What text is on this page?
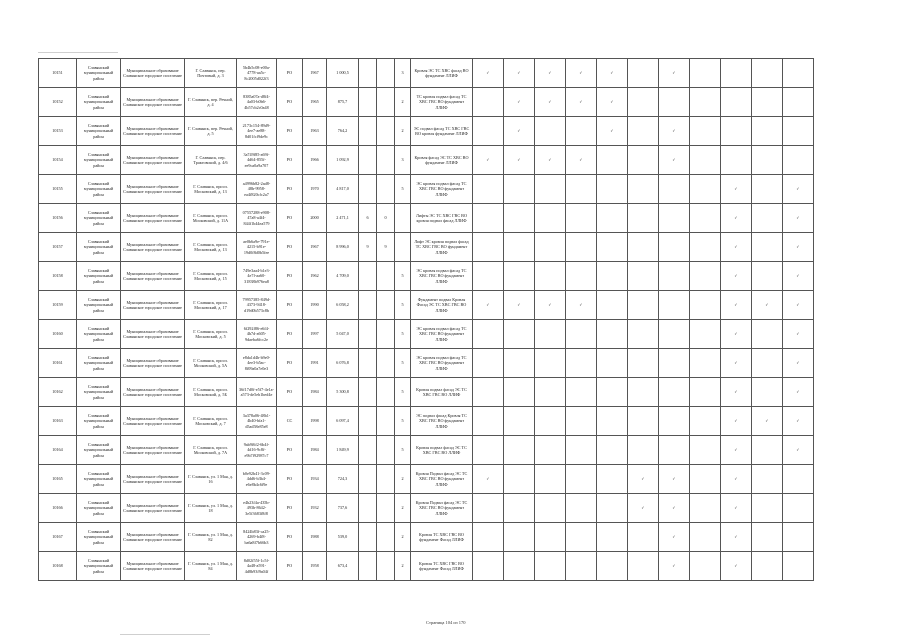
10151	Славянский муниципальный район	Муниципальное образование Славянское городское поселение	Г. Славянск, пер. Почтовый, д. 3	5b4b5c08-e00a-4778-aa5c-8c2005d022f3	РО	1967	1 000,5			3	Кровля ЭС ТС ХВС фасад ВО фундамент ЛЛИФ	✓	✓	✓	✓	✓		✓				
10152	Славянский муниципальный район	Муниципальное образование Славянское городское поселение	Г. Славянск, пер. Речной, д. 4	8385a07a-d8f4-4a03-b0b6-4b57cb2c0a48	РО	1965	875,7			2	ТС кровля подвал фасад ТС ХВС ГВС ВО фундамент ЛЛИФ		✓	✓	✓	✓						
10153	Славянский муниципальный район	Муниципальное образование Славянское городское поселение	Г. Славянск, пер. Речной, д. 5	2173c154-89d9-4ee7-ae88-8d01fcf9de9c	РО	1963	764,2			2	ЭС подвал фасад ТС ХВС ГВС ВО кровля фундамент ЛЛИФ		✓			✓		✓				
10154	Славянский муниципальный район	Муниципальное образование Славянское городское поселение	Г. Славянск, пер. Трактовский, д. 4/6	3a749f85-a69f-4d64-855f-ee9ca0a9a707	РО	1966	1 092,9			3	Кровля фасад ЭС ТС ХВС ВО фундамент ЛЛИФ	✓	✓	✓	✓			✓				
10155	Славянский муниципальный район	Муниципальное образование Славянское городское поселение	Г. Славянск, просп. Московский, д. 13	a4996b82-2ad8-48b-9958-ea4f820cfc2a7	РО	1970	4 817,0			5	ЭС кровля подвал фасад ТС ХВС ГВС ВО фундамент ЛЛИФ									✓		✓
10156	Славянский муниципальный район	Муниципальное образование Славянское городское поселение	Г. Славянск, просп. Московский, д. 11А	07557288-e908-47a8-a4f4-844f1b44ea579	РО	2000	2 471,1	6	0		Лифты ЭС ТС ХВС ГВС ВО кровля подвал фасад ЛЛИФ									✓		✓
10157	Славянский муниципальный район	Муниципальное образование Славянское городское поселение	Г. Славянск, просп. Московский, д. 13	ae0b6a9e-791e-4215-b91e-19d0f8d0b5fee	РО	1967	8 996,0	9	9		Лифт ЭС кровля подвал фасад ТС ХВС ГВС ВО фундамент ЛЛИФ									✓		✓
10158	Славянский муниципальный район	Муниципальное образование Славянское городское поселение	Г. Славянск, просп. Московский, д. 15	749e3aa4-b1e3-4e7f-aa60-31838b976ea8	РО	1962	4 709,0			5	ЭС кровля подвал фасад ТС ХВС ГВС ВО фундамент ЛЛИФ									✓		✓
10159	Славянский муниципальный район	Муниципальное образование Славянское городское поселение	Г. Славянск, просп. Московский, д. 17	79957385-849d-4373-9418-d19d0b573c8b	РО	1990	6 058,2			5	Фундамент подвал Кровля Фасад ЭС ТС ХВС ГВС ВО ЛЛИФ	✓	✓	✓	✓					✓	✓	✓
10160	Славянский муниципальный район	Муниципальное образование Славянское городское поселение	Г. Славянск, просп. Московский, д. 5	6f292f86-e6f4-4b7d-a605-9daeba6fcc2e	РО	1997	5 047,0			5	ЭС кровля подвал фасад ТС ХВС ГВС ВО фундамент ЛЛИФ									✓		✓
10161	Славянский муниципальный район	Муниципальное образование Славянское городское поселение	Г. Славянск, просп. Московский, д. 5А	e8da1d4b-b9e0-4ee3-b5ac-8f09a0a7e0e3	РО	1991	6 076,8			5	ЭС кровля подвал фасад ТС ХВС ГВС ВО фундамент ЛЛИФ									✓		✓
10162	Славянский муниципальный район	Муниципальное образование Славянское городское поселение	Г. Славянск, просп. Московский, д. 5Б	36f17d0f-e5f7-4e1a-a573-de5eb1bed4e	РО	1984	5 300,8			5	Кровля подвал фасад ЭС ТС ХВС ГВС ВО ЛЛИФ									✓		✓
10163	Славянский муниципальный район	Муниципальное образование Славянское городское поселение	Г. Славянск, просп. Московский, д. 7	3a378a06-48b1-4b40-bfa1-d5ad58e85e8	СС	1998	6 097,4			5	ЭС подвал фасад Кровля ТС ХВС ГВС ВО фундамент ЛЛИФ									✓	✓	✓
10164	Славянский муниципальный район	Муниципальное образование Славянское городское поселение	Г. Славянск, просп. Московский, д. 7А	9ab9f6f2-6b4f-4d16-9c8f-e9b7f92987c7	РО	1984	1 849,9			5	Кровля подвал фасад ЭС ТС ХВС ГВС ВО ЛЛИФ									✓		✓
10165	Славянский муниципальный район	Муниципальное образование Славянское городское поселение	Г. Славянск, ул. 1 Мая, д. 16	b0e92b41-3c09-4dd6-b3b4-e6e8b4c6f9e	РО	1934	724,3			2	Кровля Подвал фасад ЭС ТС ХВС ГВС ВО фундамент ЛЛИФ	✓					✓	✓		✓		
10166	Славянский муниципальный район	Муниципальное образование Славянское городское поселение	Г. Славянск, ул. 1 Мая, д. 18	e4b23f4a-435b-493b-8642-3e5f3683f8f8	РО	1932	737,6			2	Кровля Подвал фасад ЭС ТС ХВС ГВС ВО фундамент ЛЛИФ						✓	✓		✓		
10167	Славянский муниципальный район	Муниципальное образование Славянское городское поселение	Г. Славянск, ул. 1 Мая, д. 82	8424b83f-ca25-4269-b4f8-ba6a8f7b66b3	РО	1988	539,0			2	Кровля ТС ХВС ГВС ВО фундамент Фасад ЛЛИФ							✓		✓		
10168	Славянский муниципальный район	Муниципальное образование Славянское городское поселение	Г. Славянск, ул. 1 Мая, д. 84	8d02f55f-1c5f-4a48-a591-4d8b93f9a04f	РО	1958	673,4			2	Кровля ТС ХВС ГВС ВО фундамент Фасад ЛЛИФ							✓		✓		
Страница 104 из 170
